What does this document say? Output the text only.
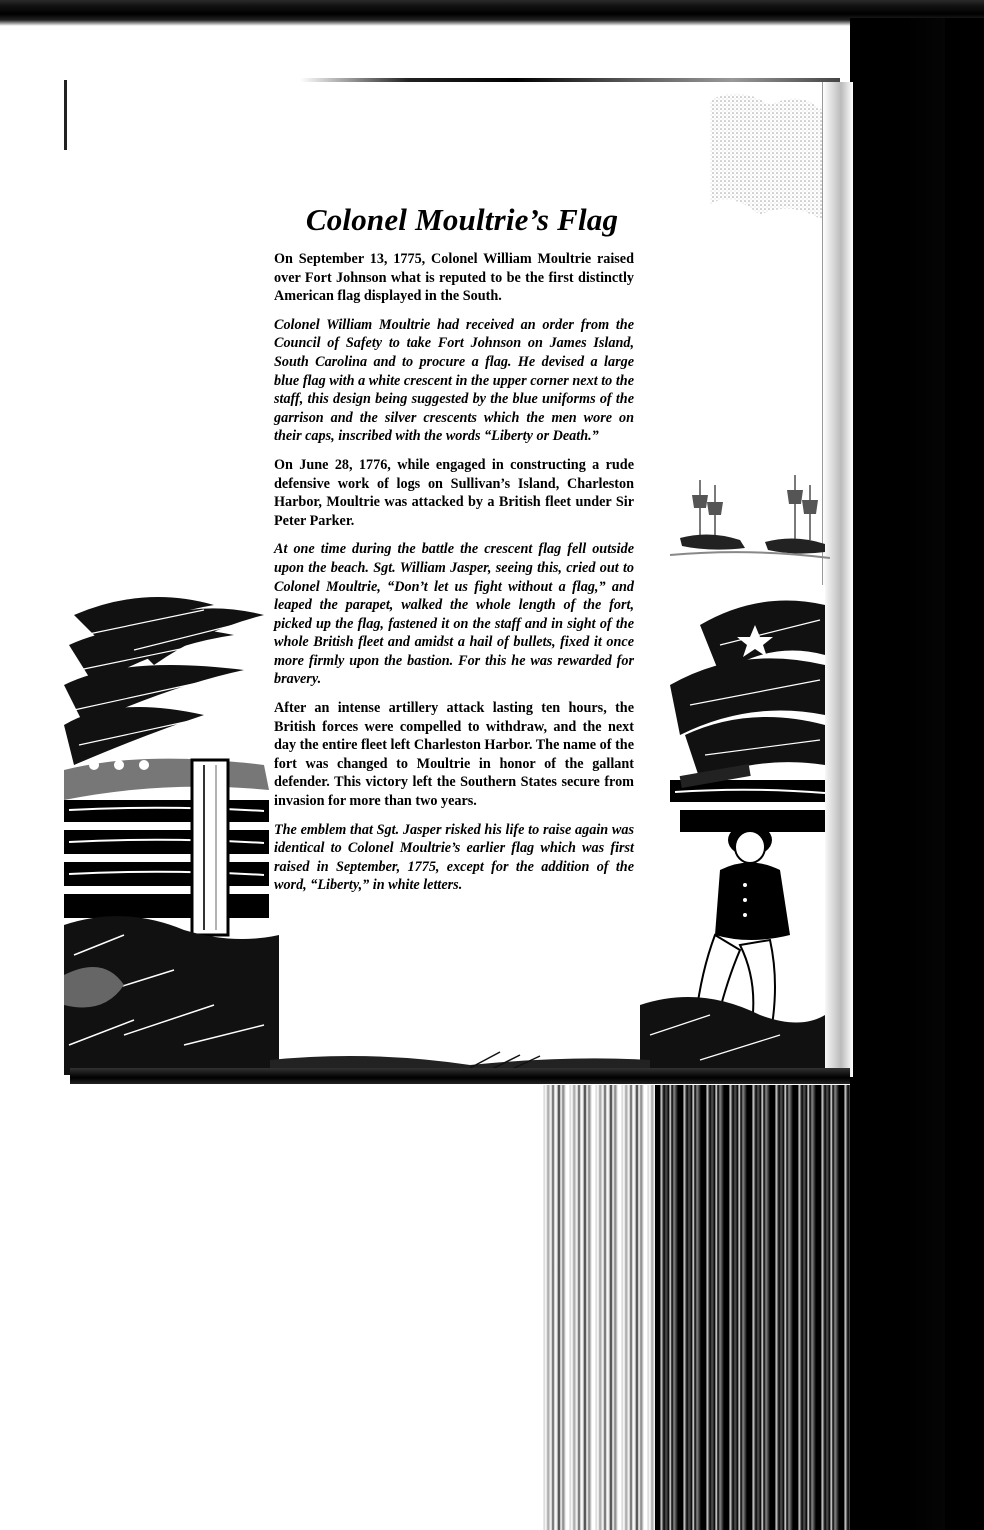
Colonel Moultrie’s Flag

On September 13, 1775, Colonel William Moultrie raised over Fort Johnson what is reputed to be the first distinctly American flag displayed in the South.

Colonel William Moultrie had received an order from the Council of Safety to take Fort Johnson on James Island, South Carolina and to procure a flag. He devised a large blue flag with a white crescent in the upper corner next to the staff, this design being suggested by the blue uniforms of the garrison and the silver crescents which the men wore on their caps, inscribed with the words “Liberty or Death.”

On June 28, 1776, while engaged in constructing a rude defensive work of logs on Sullivan’s Island, Charleston Harbor, Moultrie was attacked by a British fleet under Sir Peter Parker.

At one time during the battle the crescent flag fell outside upon the beach. Sgt. William Jasper, seeing this, cried out to Colonel Moultrie, “Don’t let us fight without a flag,” and leaped the parapet, walked the whole length of the fort, picked up the flag, fastened it on the staff and in sight of the whole British fleet and amidst a hail of bullets, fixed it once more firmly upon the bastion. For this he was rewarded for bravery.

After an intense artillery attack lasting ten hours, the British forces were compelled to withdraw, and the next day the entire fleet left Charleston Harbor. The name of the fort was changed to Moultrie in honor of the gallant defender. This victory left the Southern States secure from invasion for more than two years.

The emblem that Sgt. Jasper risked his life to raise again was identical to Colonel Moultrie’s earlier flag which was first raised in September, 1775, except for the addition of the word, “Liberty,” in white letters.
